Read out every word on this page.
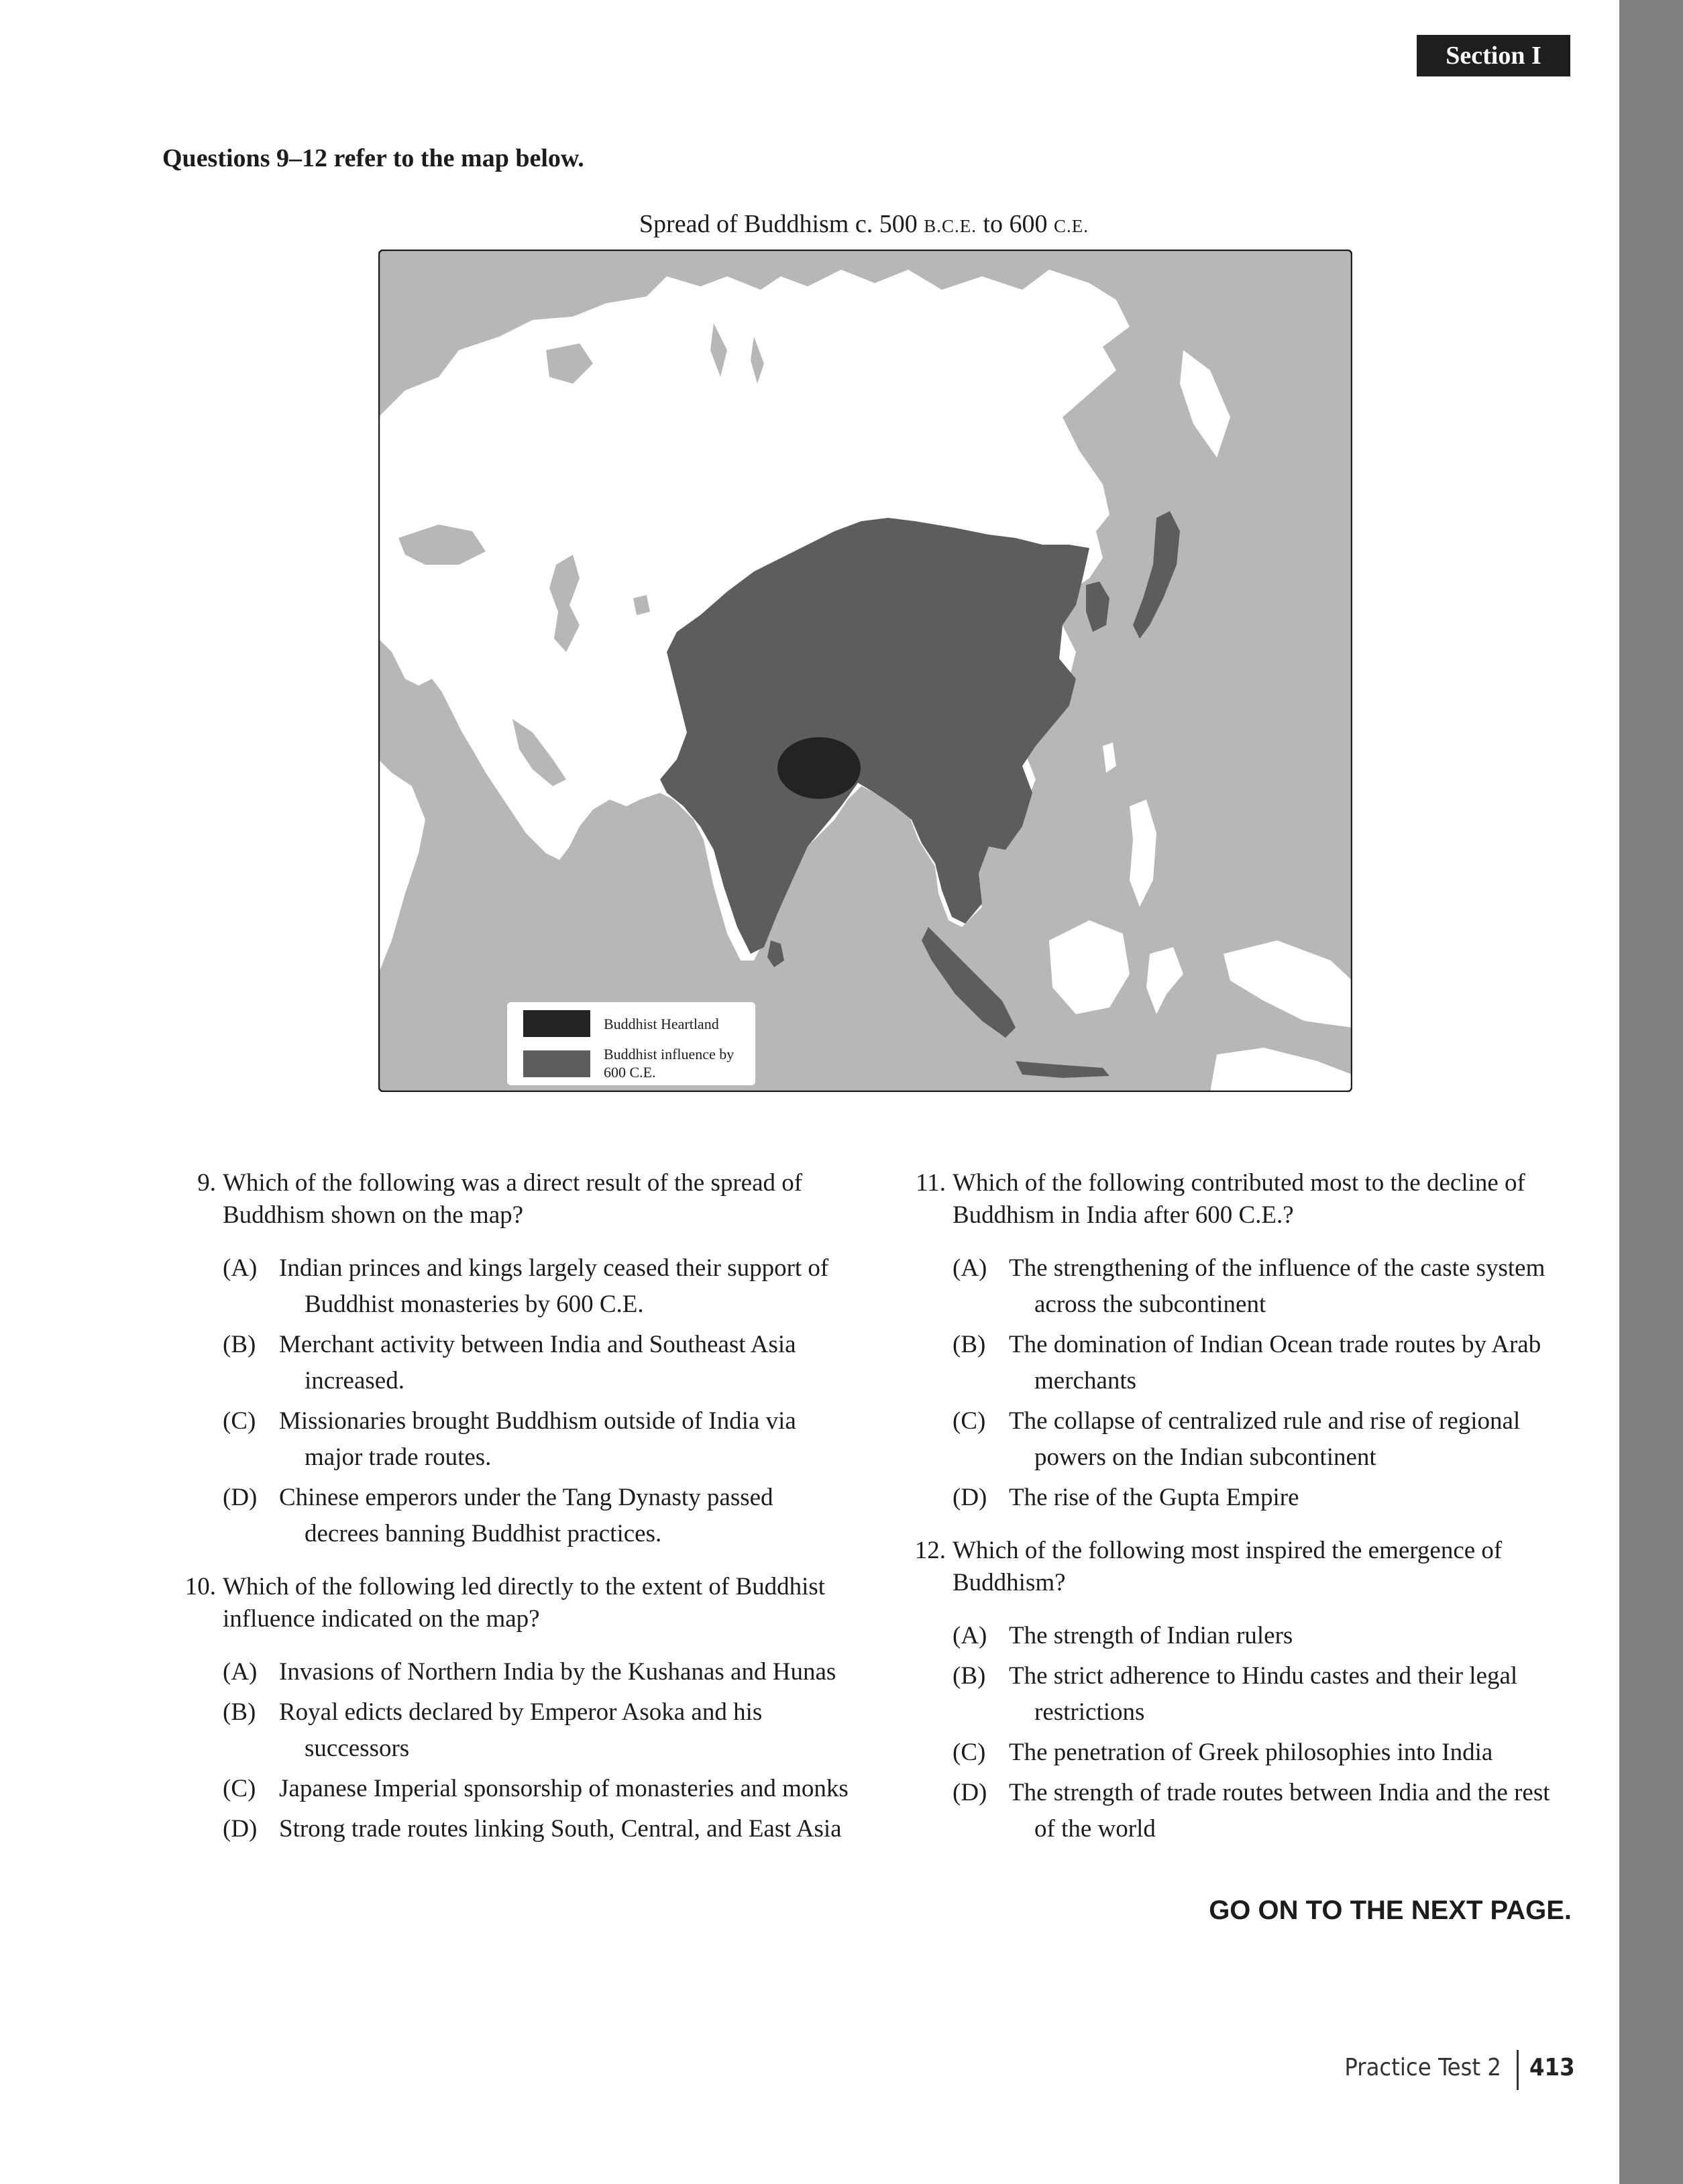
Section I
Questions 9–12 refer to the map below.
Spread of Buddhism c. 500 B.C.E. to 600 C.E.
Buddhist Heartland
Buddhist influence by
600 C.E.
9. Which of the following was a direct result of the spread of Buddhism shown on the map?
(A) Indian princes and kings largely ceased their support of Buddhist monasteries by 600 C.E.
(B) Merchant activity between India and Southeast Asia increased.
(C) Missionaries brought Buddhism outside of India via major trade routes.
(D) Chinese emperors under the Tang Dynasty passed decrees banning Buddhist practices.
10. Which of the following led directly to the extent of Buddhist influence indicated on the map?
(A) Invasions of Northern India by the Kushanas and Hunas
(B) Royal edicts declared by Emperor Asoka and his successors
(C) Japanese Imperial sponsorship of monasteries and monks
(D) Strong trade routes linking South, Central, and East Asia
11. Which of the following contributed most to the decline of Buddhism in India after 600 C.E.?
(A) The strengthening of the influence of the caste system across the subcontinent
(B) The domination of Indian Ocean trade routes by Arab merchants
(C) The collapse of centralized rule and rise of regional powers on the Indian subcontinent
(D) The rise of the Gupta Empire
12. Which of the following most inspired the emergence of Buddhism?
(A) The strength of Indian rulers
(B) The strict adherence to Hindu castes and their legal restrictions
(C) The penetration of Greek philosophies into India
(D) The strength of trade routes between India and the rest of the world
GO ON TO THE NEXT PAGE.
Practice Test 2 413
